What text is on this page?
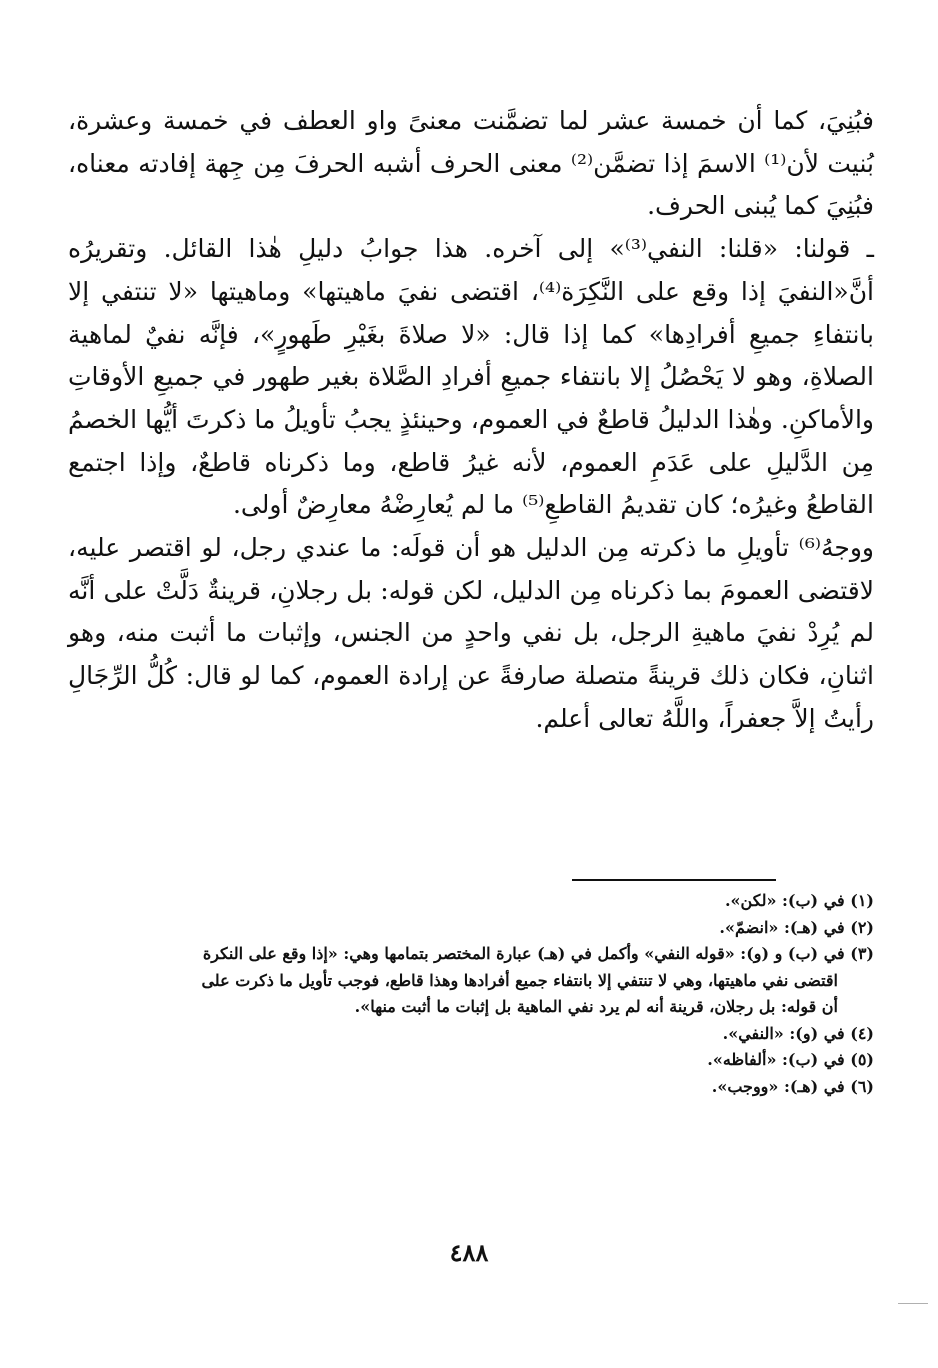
فبُنِيَ، كما أن خمسة عشر لما تضمَّنت معنىً واو العطف في خمسة وعشرة، بُنيت لأن⁽¹⁾ الاسمَ إذا تضمَّن⁽²⁾ معنى الحرف أشبه الحرفَ مِن جِهة إفادته معناه، فبُنِيَ كما يُبنى الحرف.

ـ قولنا: «قلنا: النفي⁽³⁾» إلى آخره. هذا جوابُ دليلِ هٰذا القائل. وتقريرُه أنَّ«النفيَ إذا وقع على النَّكِرَة⁽⁴⁾، اقتضى نفيَ ماهيتها» وماهيتها «لا تنتفي إلا بانتفاءِ جميعِ أفرادِها» كما إذا قال: «لا صلاةَ بغَيْرِ طَهورٍ»، فإنَّه نفيٌ لماهية الصلاةِ، وهو لا يَحْصُلُ إلا بانتفاء جميعِ أفرادِ الصَّلاة بغير طهور في جميعِ الأوقاتِ والأماكنِ. وهٰذا الدليلُ قاطعٌ في العموم، وحينئذٍ يجبُ تأويلُ ما ذكرتَ أيُّها الخصمُ مِن الدَّليلِ على عَدَمِ العموم، لأنه غيرُ قاطع، وما ذكرناه قاطعٌ، وإذا اجتمع القاطعُ وغيرُه؛ كان تقديمُ القاطعِ⁽⁵⁾ ما لم يُعارِضْهُ معارِضٌ أولى.

ووجهُ⁽⁶⁾ تأويلِ ما ذكرته مِن الدليل هو أن قولَه: ما عندي رجل، لو اقتصر عليه، لاقتضى العمومَ بما ذكرناه مِن الدليل، لكن قوله: بل رجلانِ، قرينةٌ دَلَّتْ على أنَّه لم يُرِدْ نفيَ ماهيةِ الرجل، بل نفي واحدٍ من الجنس، وإثبات ما أثبت منه، وهو اثنانِ، فكان ذلك قرينةً متصلة صارفةً عن إرادة العموم، كما لو قال: كُلُّ الرِّجَالِ رأيتُ إلاَّ جعفراً، واللَّهُ تعالى أعلم.

(١) في (ب): «لكن».

(٢) في (هـ): «انضمّ».

(٣) في (ب) و (و): «قوله النفي» وأكمل في (هـ) عبارة المختصر بتمامها وهي: «إذا وقع على النكرة

اقتضى نفي ماهيتها، وهي لا تنتفي إلا بانتفاء جميع أفرادها وهذا قاطع، فوجب تأويل ما ذكرت على

أن قوله: بل رجلان، قرينة أنه لم يرد نفي الماهية بل إثبات ما أثبت منها».

(٤) في (و): «النفي».

(٥) في (ب): «ألفاظه».

(٦) في (هـ): «ووجب».

٤٨٨
